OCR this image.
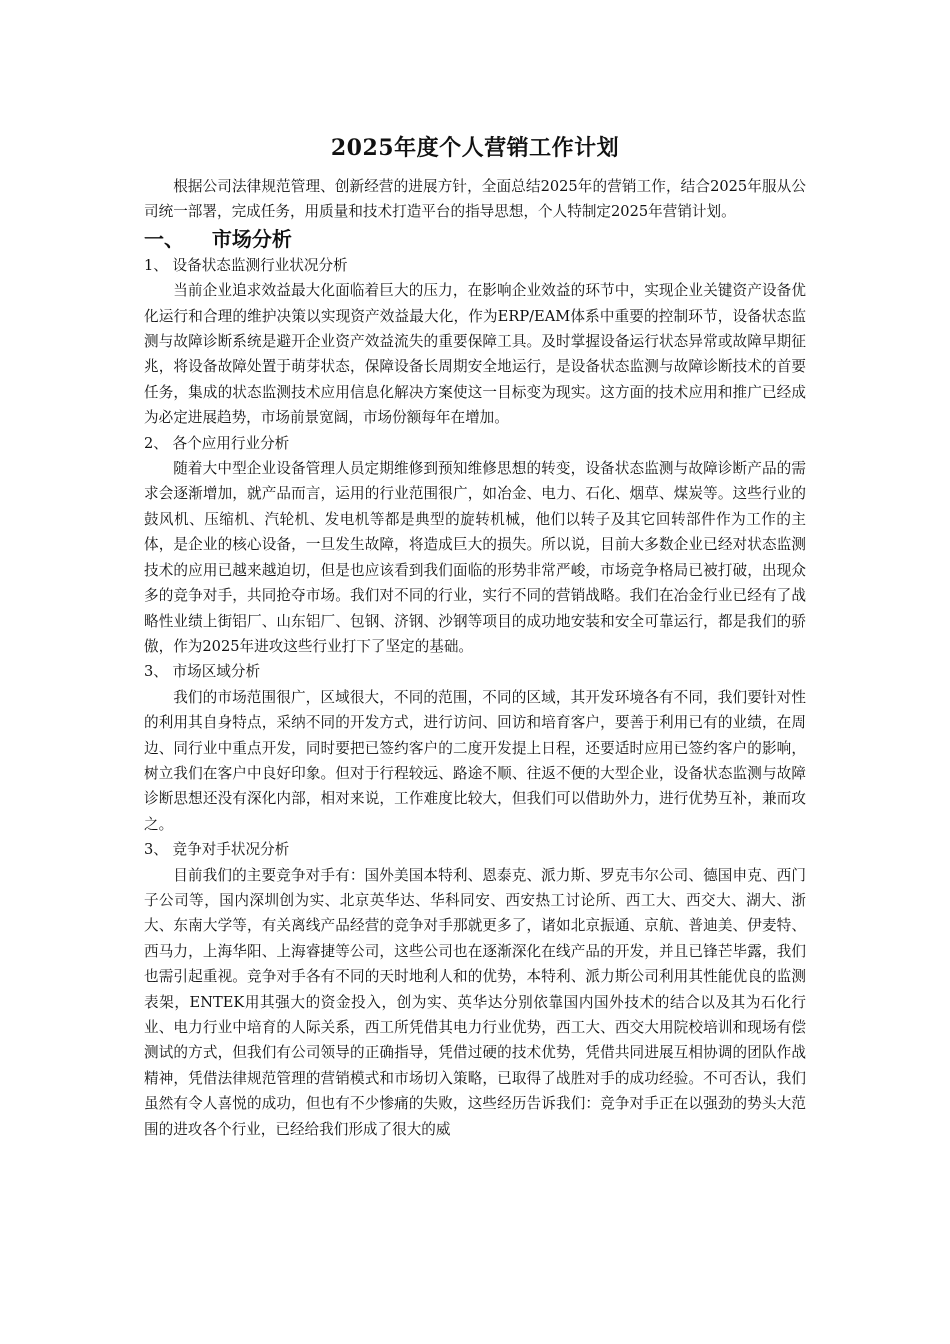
2025年度个人营销工作计划

根据公司法律规范管理、创新经营的进展方针，全面总结2025年的营销工作，结合2025年服从公司统一部署，完成任务，用质量和技术打造平台的指导思想，个人特制定2025年营销计划。

一、    市场分析

1、 设备状态监测行业状况分析

当前企业追求效益最大化面临着巨大的压力，在影响企业效益的环节中，实现企业关键资产设备优化运行和合理的维护决策以实现资产效益最大化，作为ERP/EAM体系中重要的控制环节，设备状态监测与故障诊断系统是避开企业资产效益流失的重要保障工具。及时掌握设备运行状态异常或故障早期征兆，将设备故障处置于萌芽状态，保障设备长周期安全地运行，是设备状态监测与故障诊断技术的首要任务，集成的状态监测技术应用信息化解决方案使这一目标变为现实。这方面的技术应用和推广已经成为必定进展趋势，市场前景宽阔，市场份额每年在增加。

2、 各个应用行业分析

随着大中型企业设备管理人员定期维修到预知维修思想的转变，设备状态监测与故障诊断产品的需求会逐渐增加，就产品而言，运用的行业范围很广，如冶金、电力、石化、烟草、煤炭等。这些行业的鼓风机、压缩机、汽轮机、发电机等都是典型的旋转机械，他们以转子及其它回转部件作为工作的主体，是企业的核心设备，一旦发生故障，将造成巨大的损失。所以说，目前大多数企业已经对状态监测技术的应用已越来越迫切，但是也应该看到我们面临的形势非常严峻，市场竞争格局已被打破，出现众多的竞争对手，共同抢夺市场。我们对不同的行业，实行不同的营销战略。我们在冶金行业已经有了战略性业绩上街铝厂、山东铝厂、包钢、济钢、沙钢等项目的成功地安装和安全可靠运行，都是我们的骄傲，作为2025年进攻这些行业打下了坚定的基础。

3、 市场区域分析

我们的市场范围很广，区域很大，不同的范围，不同的区域，其开发环境各有不同，我们要针对性的利用其自身特点，采纳不同的开发方式，进行访问、回访和培育客户，要善于利用已有的业绩，在周边、同行业中重点开发，同时要把已签约客户的二度开发提上日程，还要适时应用已签约客户的影响，树立我们在客户中良好印象。但对于行程较远、路途不顺、往返不便的大型企业，设备状态监测与故障诊断思想还没有深化内部，相对来说，工作难度比较大，但我们可以借助外力，进行优势互补，兼而攻之。

3、 竞争对手状况分析

目前我们的主要竞争对手有：国外美国本特利、恩泰克、派力斯、罗克韦尔公司、德国申克、西门子公司等，国内深圳创为实、北京英华达、华科同安、西安热工讨论所、西工大、西交大、湖大、浙大、东南大学等，有关离线产品经营的竞争对手那就更多了，诸如北京振通、京航、普迪美、伊麦特、西马力，上海华阳、上海睿捷等公司，这些公司也在逐渐深化在线产品的开发，并且已锋芒毕露，我们也需引起重视。竞争对手各有不同的天时地利人和的优势，本特利、派力斯公司利用其性能优良的监测表架，ENTEK用其强大的资金投入，创为实、英华达分别依靠国内国外技术的结合以及其为石化行业、电力行业中培育的人际关系，西工所凭借其电力行业优势，西工大、西交大用院校培训和现场有偿测试的方式，但我们有公司领导的正确指导，凭借过硬的技术优势，凭借共同进展互相协调的团队作战精神，凭借法律规范管理的营销模式和市场切入策略，已取得了战胜对手的成功经验。不可否认，我们虽然有令人喜悦的成功，但也有不少惨痛的失败，这些经历告诉我们：竞争对手正在以强劲的势头大范围的进攻各个行业，已经给我们形成了很大的威
